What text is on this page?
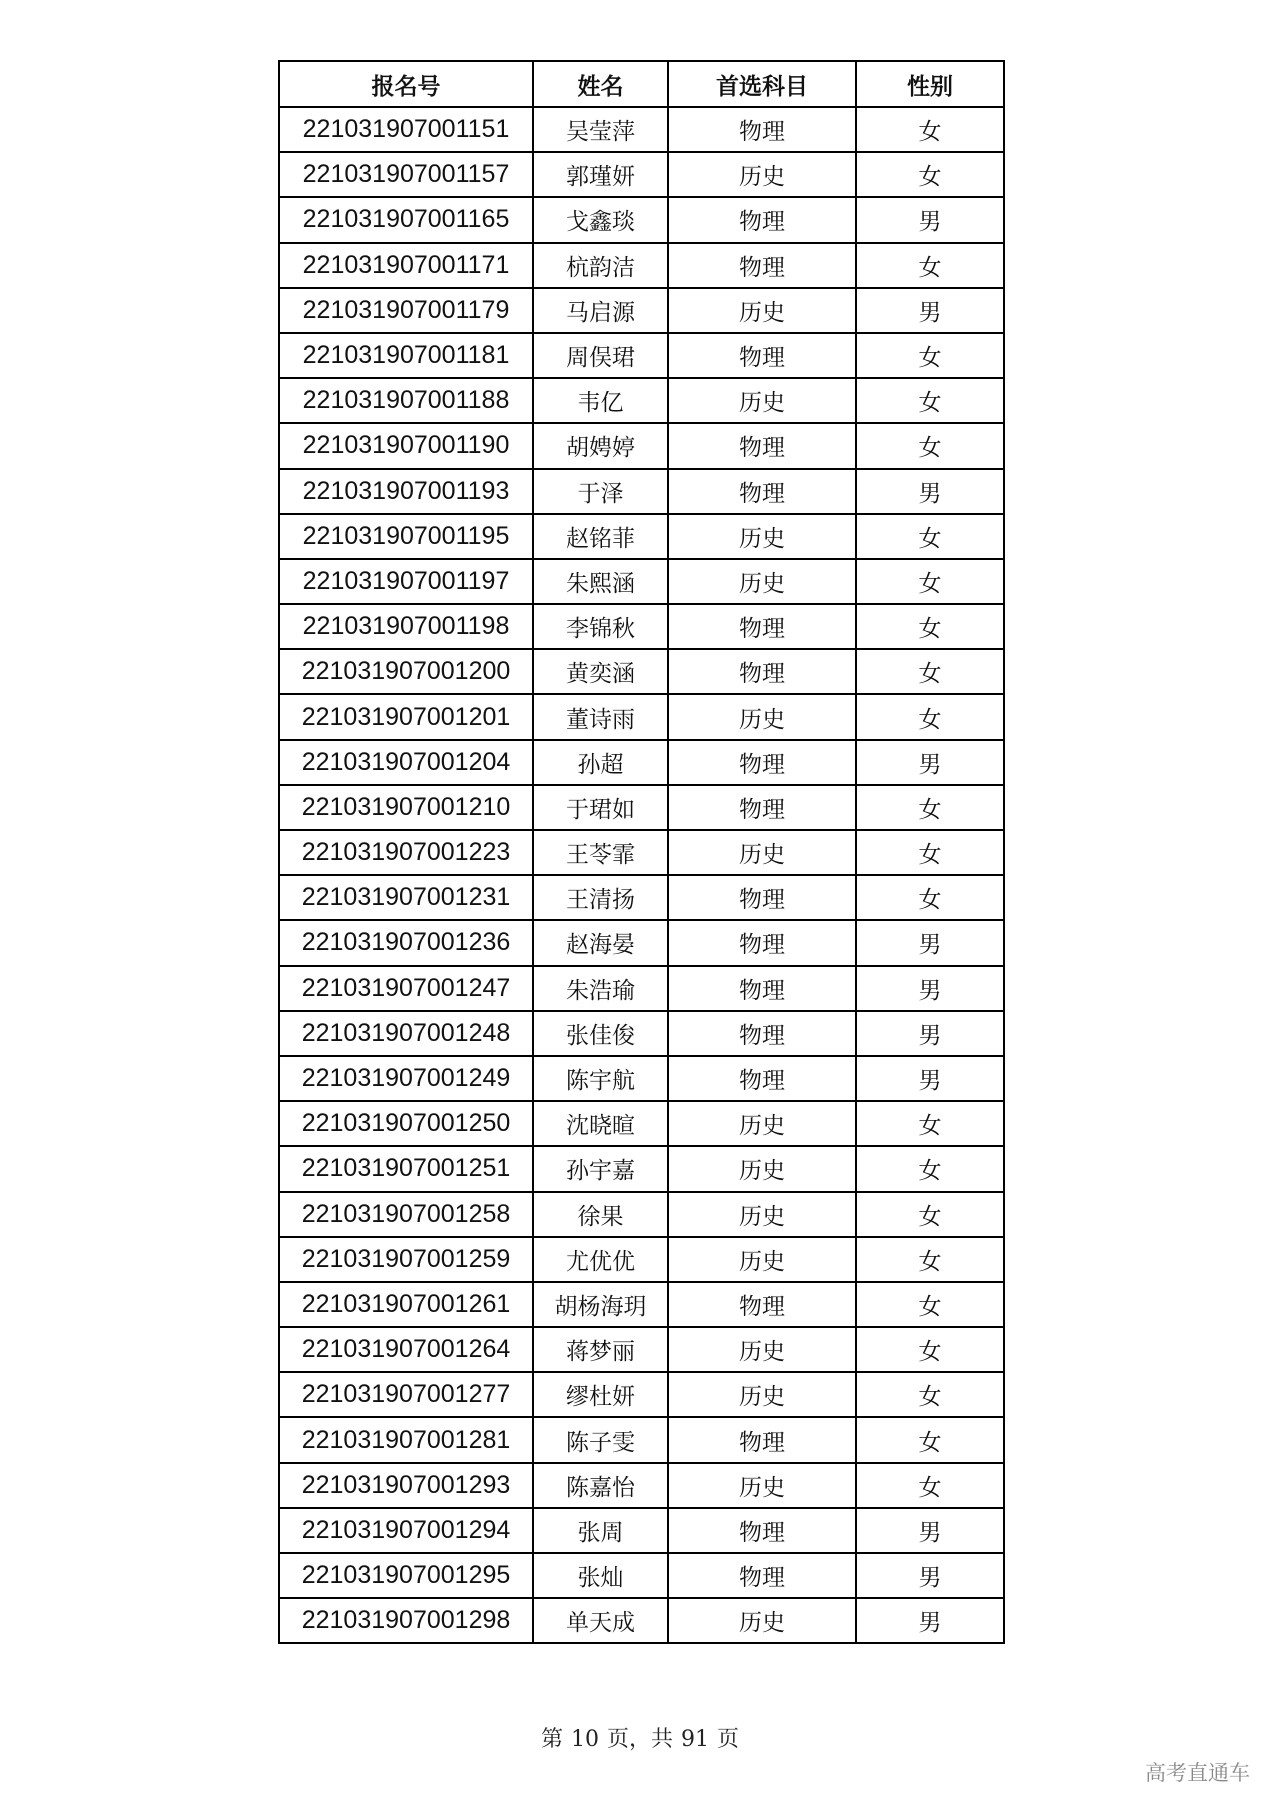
报名号	姓名	首选科目	性别
221031907001151	吴莹萍	物理	女
221031907001157	郭瑾妍	历史	女
221031907001165	戈鑫琰	物理	男
221031907001171	杭韵洁	物理	女
221031907001179	马启源	历史	男
221031907001181	周俣珺	物理	女
221031907001188	韦亿	历史	女
221031907001190	胡娉婷	物理	女
221031907001193	于泽	物理	男
221031907001195	赵铭菲	历史	女
221031907001197	朱熙涵	历史	女
221031907001198	李锦秋	物理	女
221031907001200	黄奕涵	物理	女
221031907001201	董诗雨	历史	女
221031907001204	孙超	物理	男
221031907001210	于珺如	物理	女
221031907001223	王苓霏	历史	女
221031907001231	王清扬	物理	女
221031907001236	赵海晏	物理	男
221031907001247	朱浩瑜	物理	男
221031907001248	张佳俊	物理	男
221031907001249	陈宇航	物理	男
221031907001250	沈晓暄	历史	女
221031907001251	孙宇嘉	历史	女
221031907001258	徐果	历史	女
221031907001259	尤优优	历史	女
221031907001261	胡杨海玥	物理	女
221031907001264	蒋梦丽	历史	女
221031907001277	缪杜妍	历史	女
221031907001281	陈子雯	物理	女
221031907001293	陈嘉怡	历史	女
221031907001294	张周	物理	男
221031907001295	张灿	物理	男
221031907001298	单天成	历史	男
第 10 页，共 91 页
高考直通车
